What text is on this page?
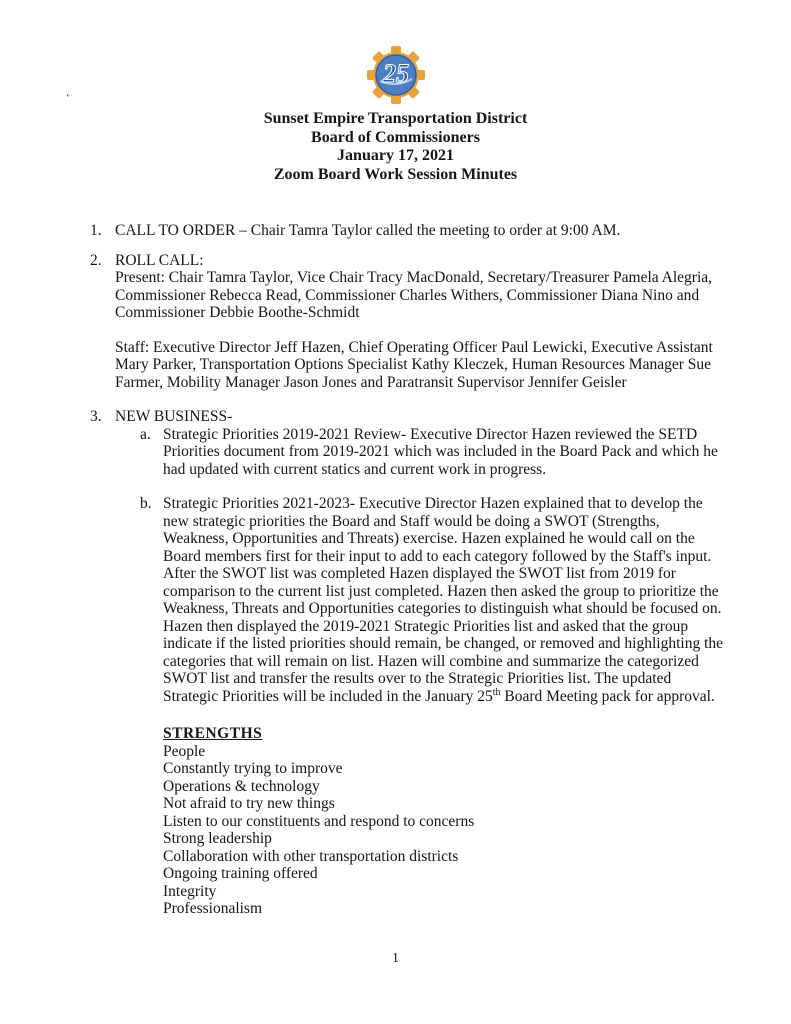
‘
25
Sunset Empire Transportation District
Board of Commissioners
January 17, 2021
Zoom Board Work Session Minutes
1. CALL TO ORDER – Chair Tamra Taylor called the meeting to order at 9:00 AM.
2. ROLL CALL:
Present: Chair Tamra Taylor, Vice Chair Tracy MacDonald, Secretary/Treasurer Pamela Alegria, Commissioner Rebecca Read, Commissioner Charles Withers, Commissioner Diana Nino and Commissioner Debbie Boothe-Schmidt
Staff: Executive Director Jeff Hazen, Chief Operating Officer Paul Lewicki, Executive Assistant Mary Parker, Transportation Options Specialist Kathy Kleczek, Human Resources Manager Sue Farmer, Mobility Manager Jason Jones and Paratransit Supervisor Jennifer Geisler
3. NEW BUSINESS-
a. Strategic Priorities 2019-2021 Review- Executive Director Hazen reviewed the SETD Priorities document from 2019-2021 which was included in the Board Pack and which he had updated with current statics and current work in progress.
b. Strategic Priorities 2021-2023- Executive Director Hazen explained that to develop the new strategic priorities the Board and Staff would be doing a SWOT (Strengths, Weakness, Opportunities and Threats) exercise. Hazen explained he would call on the Board members first for their input to add to each category followed by the Staff's input. After the SWOT list was completed Hazen displayed the SWOT list from 2019 for comparison to the current list just completed. Hazen then asked the group to prioritize the Weakness, Threats and Opportunities categories to distinguish what should be focused on. Hazen then displayed the 2019-2021 Strategic Priorities list and asked that the group indicate if the listed priorities should remain, be changed, or removed and highlighting the categories that will remain on list. Hazen will combine and summarize the categorized SWOT list and transfer the results over to the Strategic Priorities list. The updated Strategic Priorities will be included in the January 25th Board Meeting pack for approval.
STRENGTHS
People
Constantly trying to improve
Operations & technology
Not afraid to try new things
Listen to our constituents and respond to concerns
Strong leadership
Collaboration with other transportation districts
Ongoing training offered
Integrity
Professionalism
1
